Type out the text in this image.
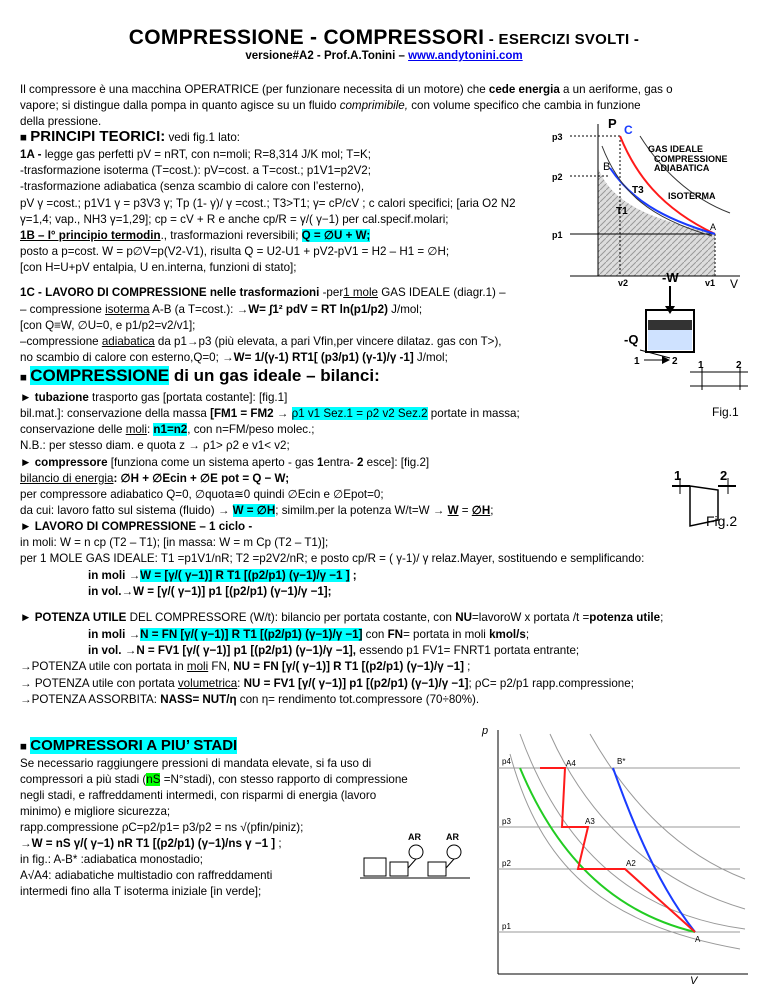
COMPRESSIONE - COMPRESSORI - ESERCIZI SVOLTI -
versione#A2 - Prof.A.Tonini – www.andytonini.com

Il compressore è una macchina OPERATRICE (per funzionare necessita di un motore) che cede energia a un aeriforme, gas o

vapore; si distingue dalla pompa in quanto agisce su un fluido comprimibile, con volume specifico che cambia in funzione

della pressione.

■ PRINCIPI TEORICI: vedi fig.1 lato:

1A - legge gas perfetti pV = nRT, con n=moli; R=8,314 J/K mol; T=K;

-trasformazione isoterma (T=cost.): pV=cost. a T=cost.; p1V1=p2V2;

-trasformazione adiabatica (senza scambio di calore con l’esterno),

pV γ =cost.; p1V1 γ = p3V3 γ; Tp (1- γ)/ γ =cost.; T3>T1; γ= cP/cV ; c calori specifici; [aria O2 N2

γ=1,4; vap., NH3 γ=1,29]; cp = cV + R e anche cp/R = γ/( γ−1) per cal.specif.molari;

1B – I° principio termodin., trasformazioni reversibili; Q = ∅U + W;

posto a p=cost. W = p∅V=p(V2-V1), risulta Q = U2-U1 + pV2-pV1 = H2 – H1 = ∅H;

[con H=U+pV entalpia, U en.interna, funzioni di stato];

P C
p3
p2
p1
B
A
T3
T1
GAS IDEALE
COMPRESSIONE
ADIABATICA
ISOTERMA
v2	v1 V

1C - LAVORO DI COMPRESSIONE nelle trasformazioni -per1 mole GAS IDEALE (diagr.1) –

– compressione isoterma A-B (a T=cost.): →W= ∫1² pdV = RT ln(p1/p2) J/mol;

[con Q≡W, ∅U=0, e p1/p2=v2/v1];

–compressione adiabatica da p1→p3 (più elevata, a pari Vfin,per vincere dilataz. gas con T>),

no scambio di calore con esterno,Q=0; →W= 1/(γ-1) RT1[ (p3/p1) (γ-1)/γ -1] J/mol;

-W
-Q
1	2

■ COMPRESSIONE di un gas ideale – bilanci:

1	2
Fig.1

► tubazione trasporto gas [portata costante]: [fig.1]

bil.mat.]: conservazione della massa [FM1 = FM2 → ρ1 v1 Sez.1 = ρ2 v2 Sez.2 portate in massa;

conservazione delle moli: n1=n2, con n=FM/peso molec.;

N.B.: per stesso diam. e quota z → ρ1> ρ2 e v1< v2;

► compressore [funziona come un sistema aperto - gas 1entra- 2 esce]: [fig.2]

bilancio di energia: ∅H + ∅Ecin + ∅E pot = Q − W;

per compressore adiabatico Q=0, ∅quota≅0 quindi ∅Ecin e ∅Epot=0;

da cui: lavoro fatto sul sistema (fluido) → W = ∅H; similm.per la potenza W/t=W → W = ∅H;

► LAVORO DI COMPRESSIONE – 1 ciclo -

in moli: W = n cp (T2 – T1); [in massa: W = m Cp (T2 – T1)];

per 1 MOLE GAS IDEALE: T1 =p1V1/nR; T2 =p2V2/nR; e posto cp/R = ( γ-1)/ γ relaz.Mayer, sostituendo e semplificando:

in moli →W = [γ/( γ−1)] R T1 [(p2/p1) (γ−1)/γ −1 ] ;

in vol.→W = [γ/( γ−1)] p1 [(p2/p1) (γ−1)/γ −1];

1	2
Fig.2

► POTENZA UTILE DEL COMPRESSORE (W/t): bilancio per portata costante, con NU=lavoroW x portata /t =potenza utile;

in moli →N = FN [γ/( γ−1)] R T1 [(p2/p1) (γ−1)/γ −1] con FN= portata in moli kmol/s;

in vol. →N = FV1 [γ/( γ−1)] p1 [(p2/p1) (γ−1)/γ −1], essendo p1 FV1= FNRT1 portata entrante;

→POTENZA utile con portata in moli FN, NU = FN [γ/( γ−1)] R T1 [(p2/p1) (γ−1)/γ −1] ;

→ POTENZA utile con portata volumetrica: NU = FV1 [γ/( γ−1)] p1 [(p2/p1) (γ−1)/γ −1]; ρC= p2/p1 rapp.compressione;

→POTENZA ASSORBITA: NASS= NUT/η con η= rendimento tot.compressore (70÷80%).

■ COMPRESSORI A PIU’ STADI

Se necessario raggiungere pressioni di mandata elevate, si fa uso di

compressori a più stadi (nS =N°stadi), con stesso rapporto di compressione

negli stadi, e raffreddamenti intermedi, con risparmi di energia (lavoro

minimo) e migliore sicurezza;

rapp.compressione ρC=p2/p1= p3/p2 = ns √(pfin/piniz);

→W = nS γ/( γ−1) nR T1 [(p2/p1) (γ−1)/ns γ −1 ] ;

in fig.: A-B* :adiabatica monostadio;

A√A4: adiabatiche multistadio con raffreddamenti

intermedi fino alla T isoterma iniziale [in verde];

AR	AR
p
p4
p3
p2
p1
A4	B*
A3
A2
A
V
